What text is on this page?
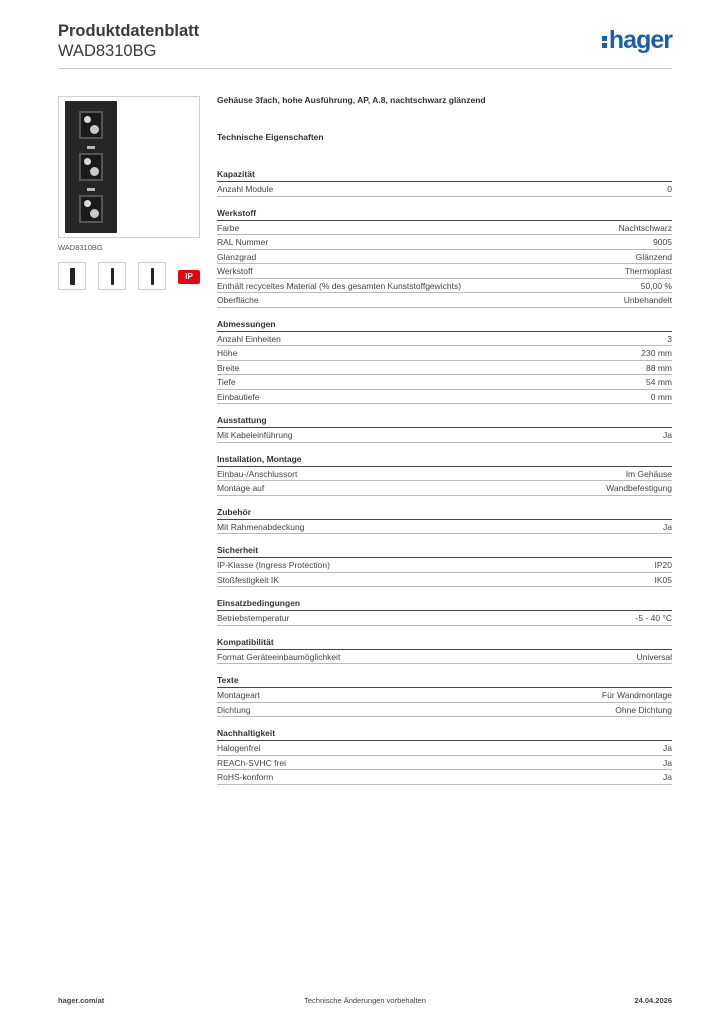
Produktdatenblatt
WAD8310BG	hager
WAD8310BG
IP
Gehäuse 3fach, hohe Ausführung, AP, A.8, nachtschwarz glänzend
Technische Eigenschaften
Kapazität
Anzahl Module	0
Werkstoff
Farbe	Nachtschwarz
RAL Nummer	9005
Glanzgrad	Glänzend
Werkstoff	Thermoplast
Enthält recyceltes Material (% des gesamten Kunststoffgewichts)	50,00 %
Oberfläche	Unbehandelt
Abmessungen
Anzahl Einheiten	3
Höhe	230 mm
Breite	88 mm
Tiefe	54 mm
Einbautiefe	0 mm
Ausstattung
Mit Kabeleinführung	Ja
Installation, Montage
Einbau-/Anschlussort	Im Gehäuse
Montage auf	Wandbefestigung
Zubehör
Mit Rahmenabdeckung	Ja
Sicherheit
IP-Klasse (Ingress Protection)	IP20
Stoßfestigkeit IK	IK05
Einsatzbedingungen
Betriebstemperatur	-5 - 40 °C
Kompatibilität
Format Geräteeinbaumöglichkeit	Universal
Texte
Montageart	Für Wandmontage
Dichtung	Ohne Dichtung
Nachhaltigkeit
Halogenfrei	Ja
REACh-SVHC frei	Ja
RoHS-konform	Ja
hager.com/at	Technische Änderungen vorbehalten	24.04.2026
